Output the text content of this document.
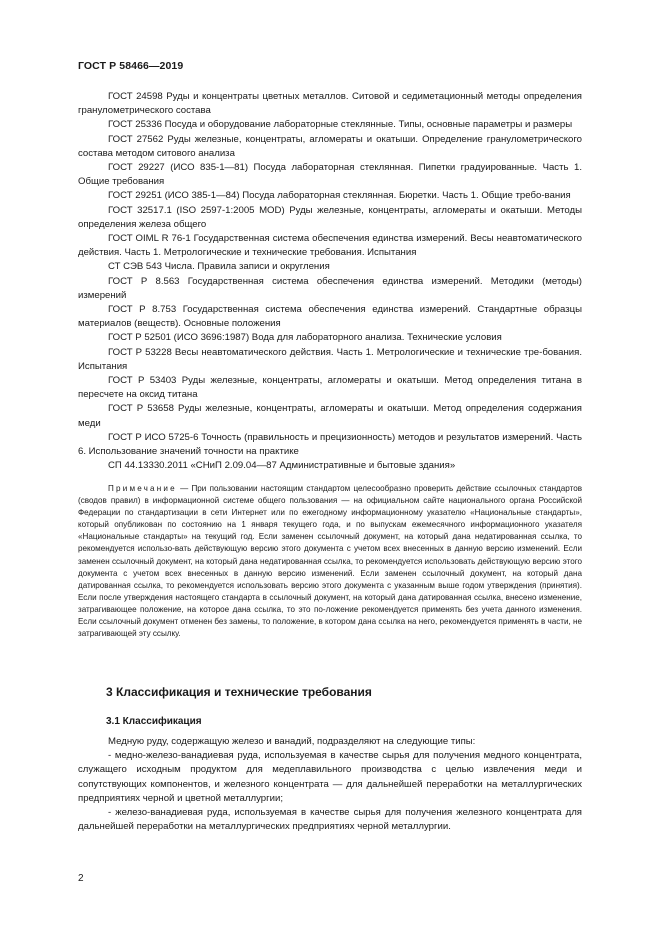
ГОСТ Р 58466—2019

ГОСТ 24598 Руды и концентраты цветных металлов. Ситовой и седиметационный методы определения гранулометрического состава

ГОСТ 25336 Посуда и оборудование лабораторные стеклянные. Типы, основные параметры и размеры

ГОСТ 27562 Руды железные, концентраты, агломераты и окатыши. Определение гранулометрического состава методом ситового анализа

ГОСТ 29227 (ИСО 835-1—81) Посуда лабораторная стеклянная. Пипетки градуированные. Часть 1. Общие требования

ГОСТ 29251 (ИСО 385-1—84) Посуда лабораторная стеклянная. Бюретки. Часть 1. Общие требо-вания

ГОСТ 32517.1 (ISO 2597-1:2005 MOD) Руды железные, концентраты, агломераты и окатыши. Методы определения железа общего

ГОСТ OIML R 76-1 Государственная система обеспечения единства измерений. Весы неавтоматического действия. Часть 1. Метрологические и технические требования. Испытания

СТ СЭВ 543 Числа. Правила записи и округления

ГОСТ Р 8.563 Государственная система обеспечения единства измерений. Методики (методы) измерений

ГОСТ Р 8.753 Государственная система обеспечения единства измерений. Стандартные образцы материалов (веществ). Основные положения

ГОСТ Р 52501 (ИСО 3696:1987) Вода для лабораторного анализа. Технические условия

ГОСТ Р 53228 Весы неавтоматического действия. Часть 1. Метрологические и технические тре-бования. Испытания

ГОСТ Р 53403 Руды железные, концентраты, агломераты и окатыши. Метод определения титана в пересчете на оксид титана

ГОСТ Р 53658 Руды железные, концентраты, агломераты и окатыши. Метод определения содержания меди

ГОСТ Р ИСО 5725-6 Точность (правильность и прецизионность) методов и результатов измерений. Часть 6. Использование значений точности на практике

СП 44.13330.2011 «СНиП 2.09.04—87 Административные и бытовые здания»

Примечание — При пользовании настоящим стандартом целесообразно проверить действие ссылочных стандартов (сводов правил) в информационной системе общего пользования — на официальном сайте национального органа Российской Федерации по стандартизации в сети Интернет или по ежегодному информационному указателю «Национальные стандарты», который опубликован по состоянию на 1 января текущего года, и по выпускам ежемесячного информационного указателя «Национальные стандарты» на текущий год. Если заменен ссылочный документ, на который дана недатированная ссылка, то рекомендуется использо-вать действующую версию этого документа с учетом всех внесенных в данную версию изменений. Если заменен ссылочный документ, на который дана недатированная ссылка, то рекомендуется использовать действующую версию этого документа с учетом всех внесенных в данную версию изменений. Если заменен ссылочный документ, на который дана датированная ссылка, то рекомендуется использовать версию этого документа с указанным выше годом утверждения (принятия). Если после утверждения настоящего стандарта в ссылочный документ, на который дана датированная ссылка, внесено изменение, затрагивающее положение, на которое дана ссылка, то это по-ложение рекомендуется применять без учета данного изменения. Если ссылочный документ отменен без замены, то положение, в котором дана ссылка на него, рекомендуется применять в части, не затрагивающей эту ссылку.

3 Классификация и технические требования
3.1 Классификация

Медную руду, содержащую железо и ванадий, подразделяют на следующие типы:

- медно-железо-ванадиевая руда, используемая в качестве сырья для получения медного концентрата, служащего исходным продуктом для медеплавильного производства с целью извлечения меди и сопутствующих компонентов, и железного концентрата — для дальнейшей переработки на металлургических предприятиях черной и цветной металлургии;

- железо-ванадиевая руда, используемая в качестве сырья для получения железного концентрата для дальнейшей переработки на металлургических предприятиях черной металлургии.

2
